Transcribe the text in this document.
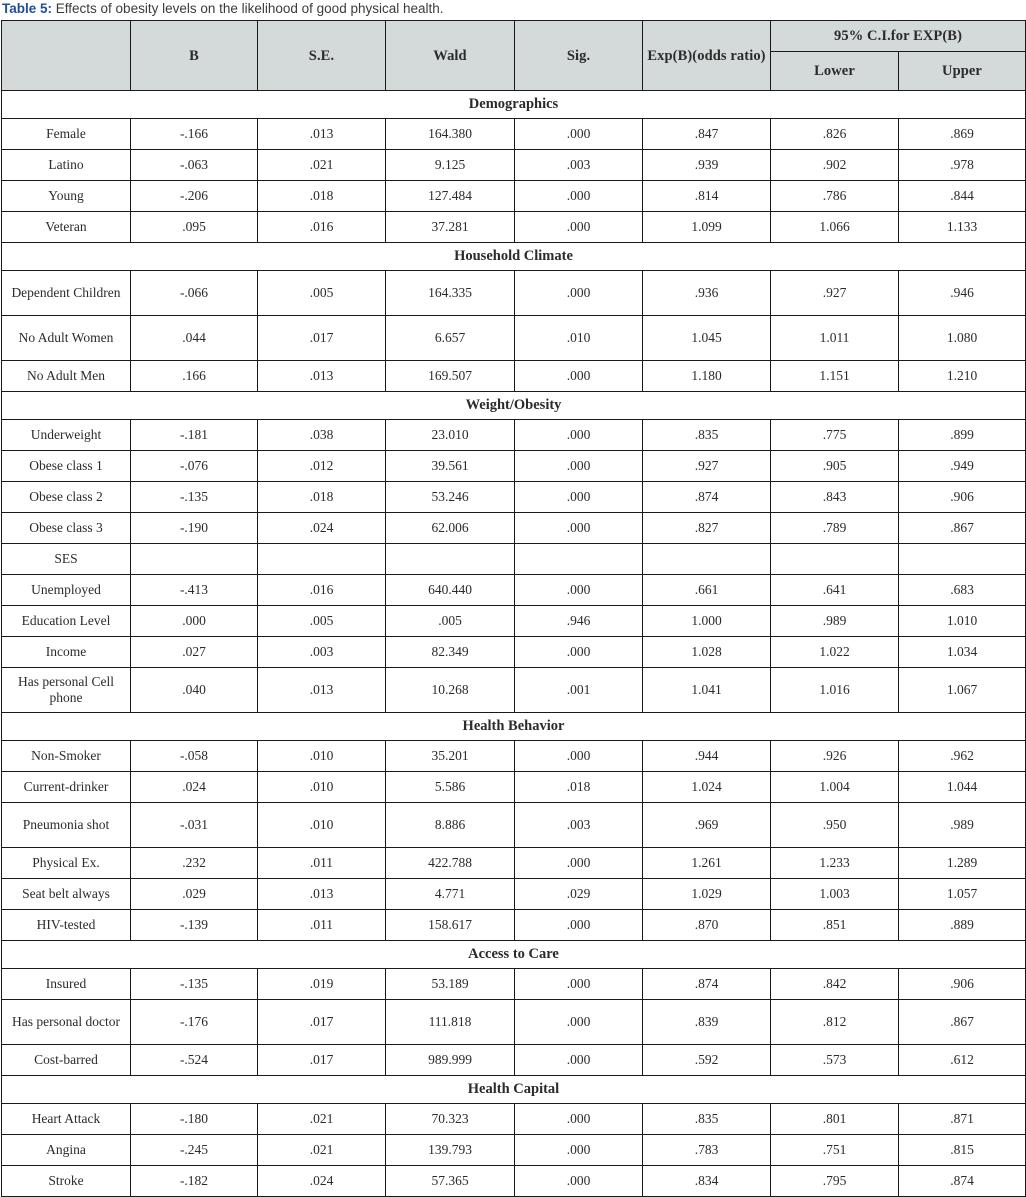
Table 5: Effects of obesity levels on the likelihood of good physical health.
	B	S.E.	Wald	Sig.	Exp(B)(odds ratio)	95% C.I.for EXP(B)	
						Lower	Upper
Demographics							
Female	-.166	.013	164.380	.000	.847	.826	.869
Latino	-.063	.021	9.125	.003	.939	.902	.978
Young	-.206	.018	127.484	.000	.814	.786	.844
Veteran	.095	.016	37.281	.000	1.099	1.066	1.133
Household Climate							
Dependent Children	-.066	.005	164.335	.000	.936	.927	.946
No Adult Women	.044	.017	6.657	.010	1.045	1.011	1.080
No Adult Men	.166	.013	169.507	.000	1.180	1.151	1.210
Weight/Obesity							
Underweight	-.181	.038	23.010	.000	.835	.775	.899
Obese class 1	-.076	.012	39.561	.000	.927	.905	.949
Obese class 2	-.135	.018	53.246	.000	.874	.843	.906
Obese class 3	-.190	.024	62.006	.000	.827	.789	.867
SES							
Unemployed	-.413	.016	640.440	.000	.661	.641	.683
Education Level	.000	.005	.005	.946	1.000	.989	1.010
Income	.027	.003	82.349	.000	1.028	1.022	1.034
Has personal Cell phone	.040	.013	10.268	.001	1.041	1.016	1.067
Health Behavior							
Non-Smoker	-.058	.010	35.201	.000	.944	.926	.962
Current-drinker	.024	.010	5.586	.018	1.024	1.004	1.044
Pneumonia shot	-.031	.010	8.886	.003	.969	.950	.989
Physical Ex.	.232	.011	422.788	.000	1.261	1.233	1.289
Seat belt always	.029	.013	4.771	.029	1.029	1.003	1.057
HIV-tested	-.139	.011	158.617	.000	.870	.851	.889
Access to Care							
Insured	-.135	.019	53.189	.000	.874	.842	.906
Has personal doctor	-.176	.017	111.818	.000	.839	.812	.867
Cost-barred	-.524	.017	989.999	.000	.592	.573	.612
Health Capital							
Heart Attack	-.180	.021	70.323	.000	.835	.801	.871
Angina	-.245	.021	139.793	.000	.783	.751	.815
Stroke	-.182	.024	57.365	.000	.834	.795	.874
